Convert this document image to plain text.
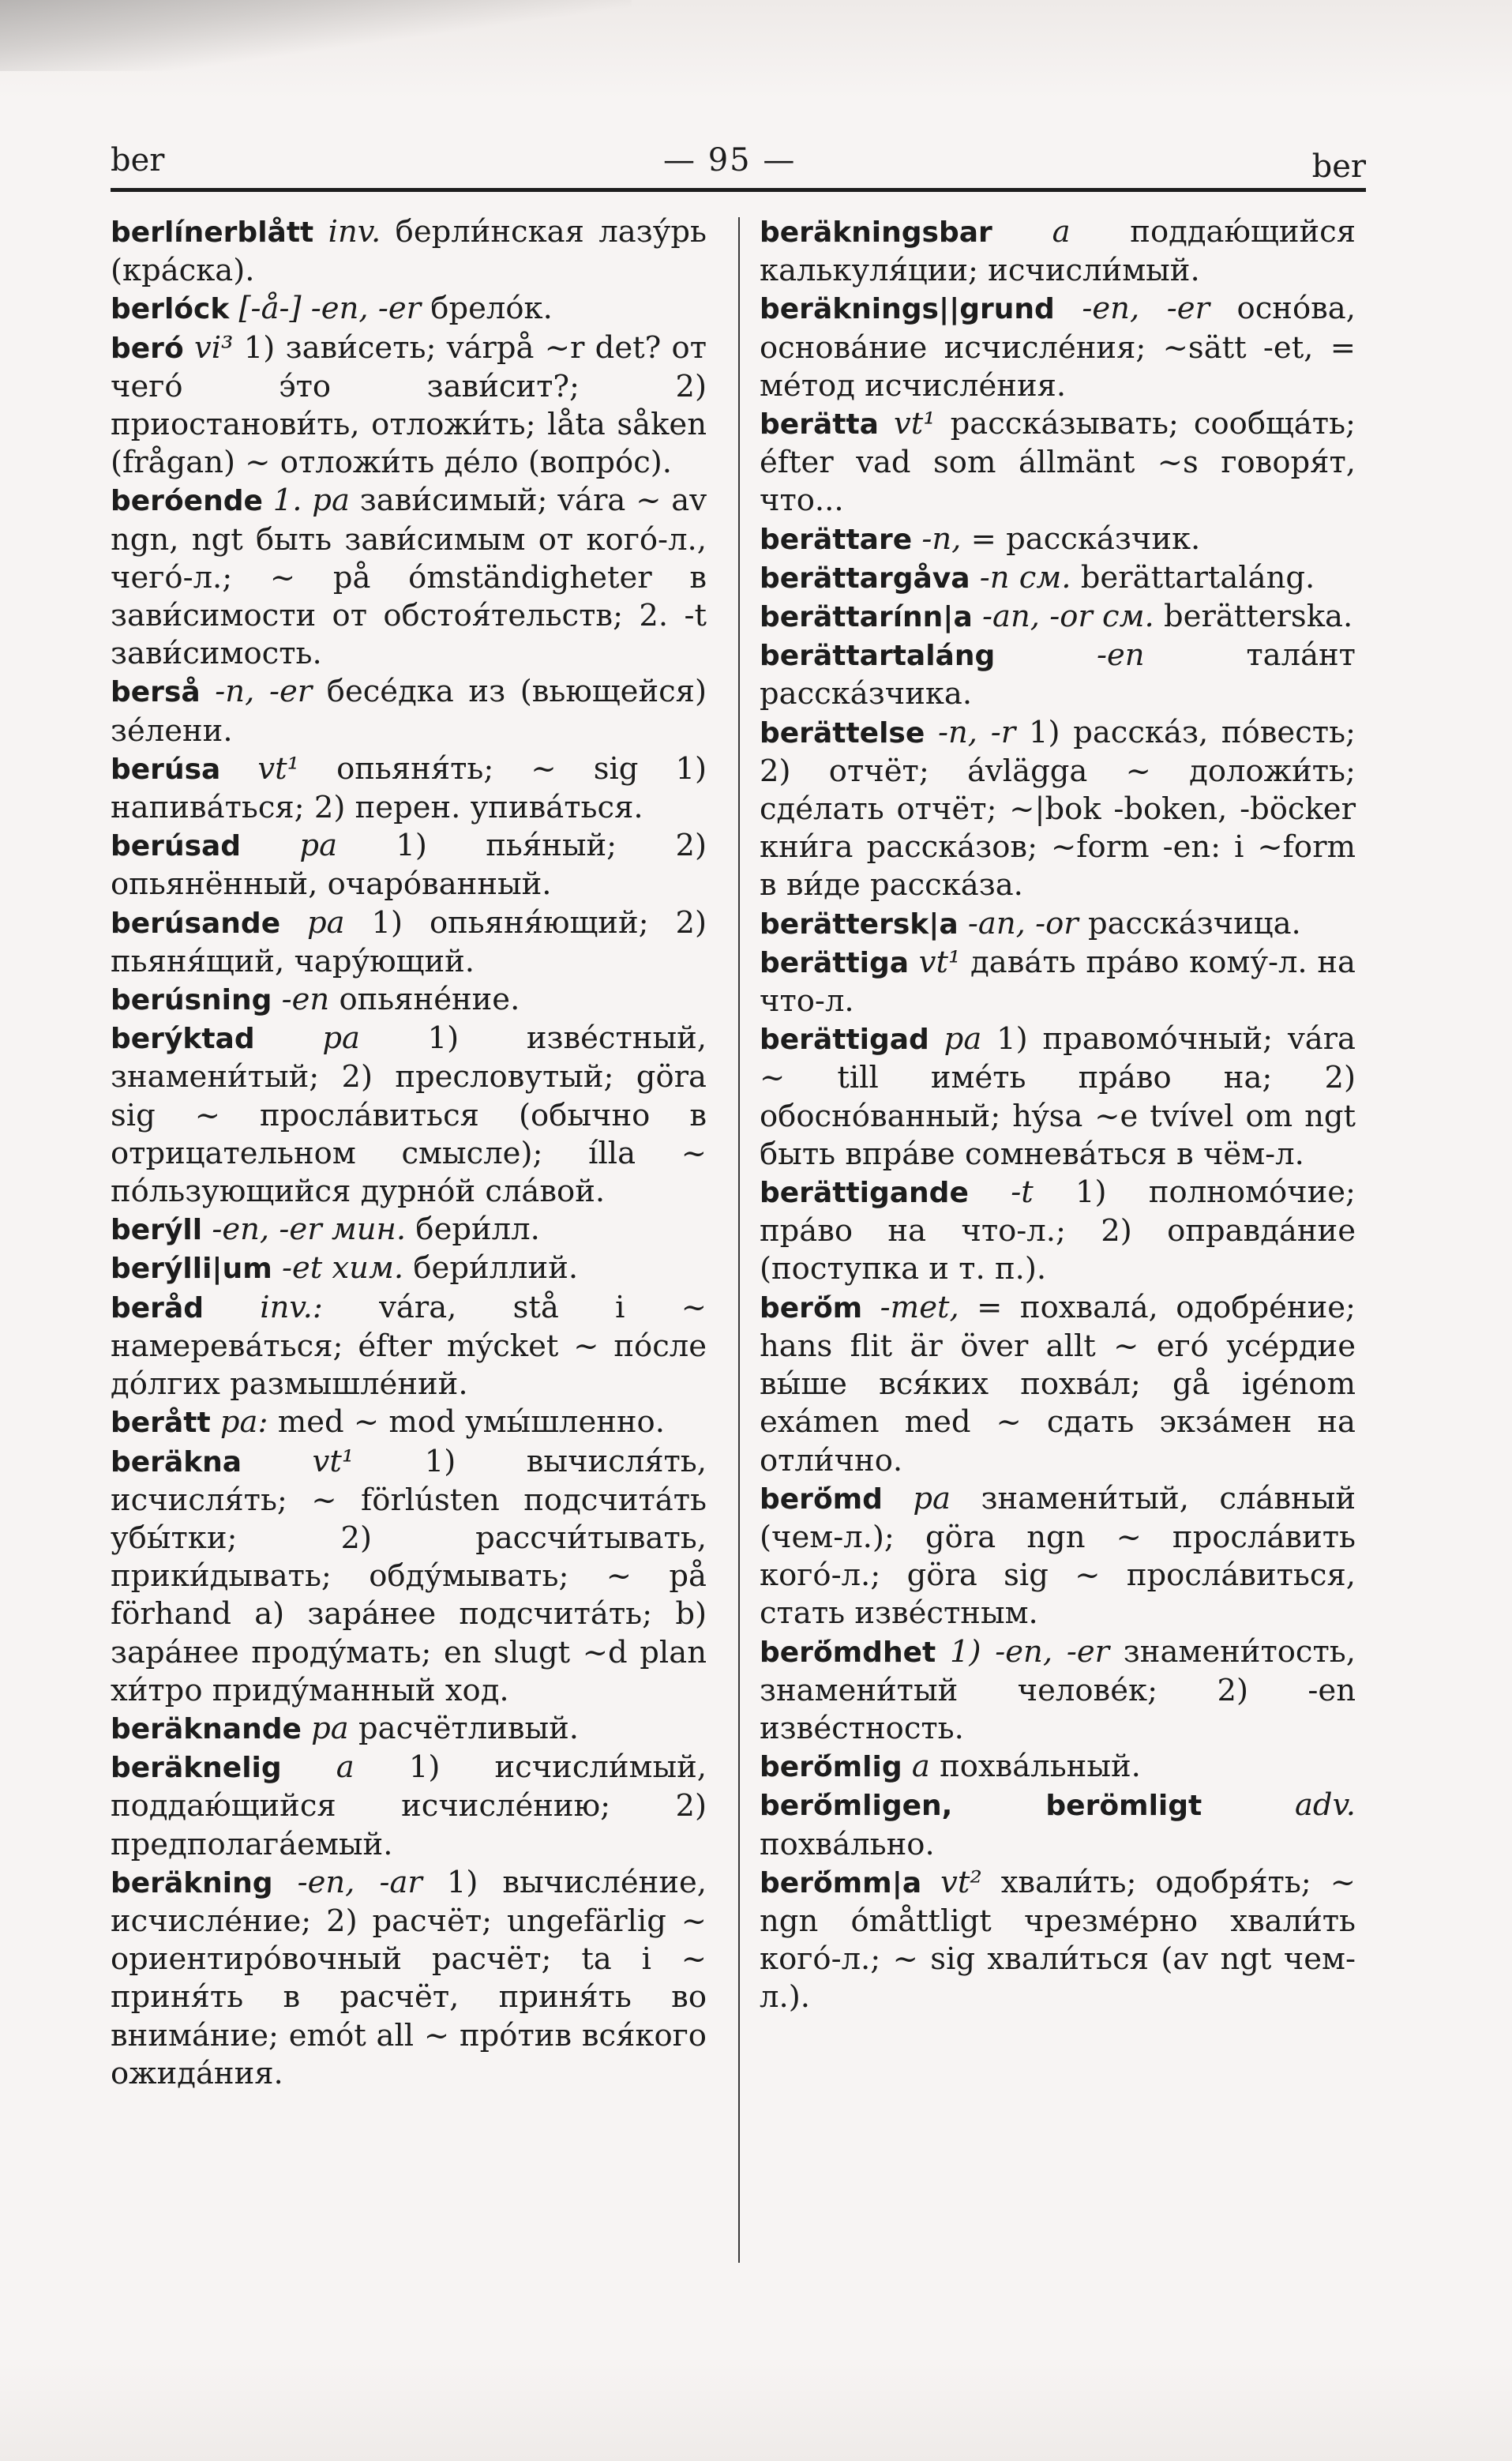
ber	— 95 —	ber

berlínerblått inv. берли́нская лазу́рь (кра́ска).

berlóck [-å-] -en, -er брело́к.

beró vi³ 1) зави́сеть; várpå ~r det? от чего́ э́то зави́сит?; 2) приостанови́ть, отложи́ть; låta såken (frågan) ~ отложи́ть де́ло (вопро́с).

beróende 1. pa зави́симый; vára ~ av ngn, ngt быть зави́симым от кого́-л., чего́-л.; ~ på ómständigheter в зави́симости от обстоя́тельств; 2. -t зави́симость.

berså -n, -er бесе́дка из (вьющейся) зе́лени.

berúsa vt¹ опьяня́ть; ~ sig 1) напива́ться; 2) перен. упива́ться.

berúsad pa 1) пья́ный; 2) опьянённый, очаро́ванный.

berúsande pa 1) опьяня́ющий; 2) пьяня́щий, чару́ющий.

berúsning -en опьяне́ние.

berýktad pa 1) изве́стный, знамени́тый; 2) пресловутый; göra sig ~ просла́виться (обычно в отрицательном смысле); ílla ~ по́льзующийся дурно́й сла́вой.

berýll -en, -er мин. бери́лл.

berýlli|um -et хим. бери́ллий.

beråd inv.: vára, stå i ~ намерева́ться; éfter mýcket ~ по́сле до́лгих размышле́ний.

berått pa: med ~ mod умы́шленно.

beräkna vt¹ 1) вычисля́ть, исчисля́ть; ~ förlústen подсчита́ть убы́тки; 2) рассчи́тывать, прики́дывать; обду́мывать; ~ på förhand a) зара́нее подсчита́ть; b) зара́нее проду́мать; en slugt ~d plan хи́тро приду́манный ход.

beräknande pa расчётливый.

beräknelig a 1) исчисли́мый, поддаю́щийся исчисле́нию; 2) предполага́емый.

beräkning -en, -ar 1) вычисле́ние, исчисле́ние; 2) расчёт; ungefärlig ~ ориентиро́вочный расчёт; ta i ~ приня́ть в расчёт, приня́ть во внима́ние; emót all ~ про́тив вся́кого ожида́ния.

beräkningsbar a поддаю́щийся калькуля́ции; исчисли́мый.

beräknings||grund -en, -er осно́ва, основа́ние исчисле́ния; ~sätt -et, = ме́тод исчисле́ния.

berätta vt¹ расска́зывать; сообща́ть; éfter vad som állmänt ~s говоря́т, что...

berättare -n, = расска́зчик.

berättargåva -n см. berättartaláng.

berättarínn|a -an, -or см. berätterska.

berättartaláng -en тала́нт расска́зчика.

berättelse -n, -r 1) расска́з, по́весть; 2) отчёт; ávlägga ~ доложи́ть; сде́лать отчёт; ~|bok -boken, -böcker кни́га расска́зов; ~form -en: i ~form в ви́де расска́за.

berättersk|a -an, -or расска́зчица.

berättiga vt¹ дава́ть пра́во кому́-л. на что-л.

berättigad pa 1) правомо́чный; vára ~ till име́ть пра́во на; 2) обосно́ванный; hýsa ~e tvível om ngt быть впра́ве сомнева́ться в чём-л.

berättigande -t 1) полномо́чие; пра́во на что-л.; 2) оправда́ние (поступка и т. п.).

berö́m -met, = похвала́, одобре́ние; hans flit är över allt ~ его́ усе́рдие вы́ше вся́ких похва́л; gå igénom exámen med ~ сдать экза́мен на отли́чно.

berö́md pa знамени́тый, сла́вный (чем-л.); göra ngn ~ просла́вить кого́-л.; göra sig ~ просла́виться, стать изве́стным.

berö́mdhet 1) -en, -er знамени́тость, знамени́тый челове́к; 2) -en изве́стность.

berö́mlig a похва́льный.

berö́mligen, berömligt adv. похва́льно.

berö́mm|a vt² хвали́ть; одобря́ть; ~ ngn ómåttligt чрезме́рно хвали́ть кого́-л.; ~ sig хвали́ться (av ngt чем-л.).
